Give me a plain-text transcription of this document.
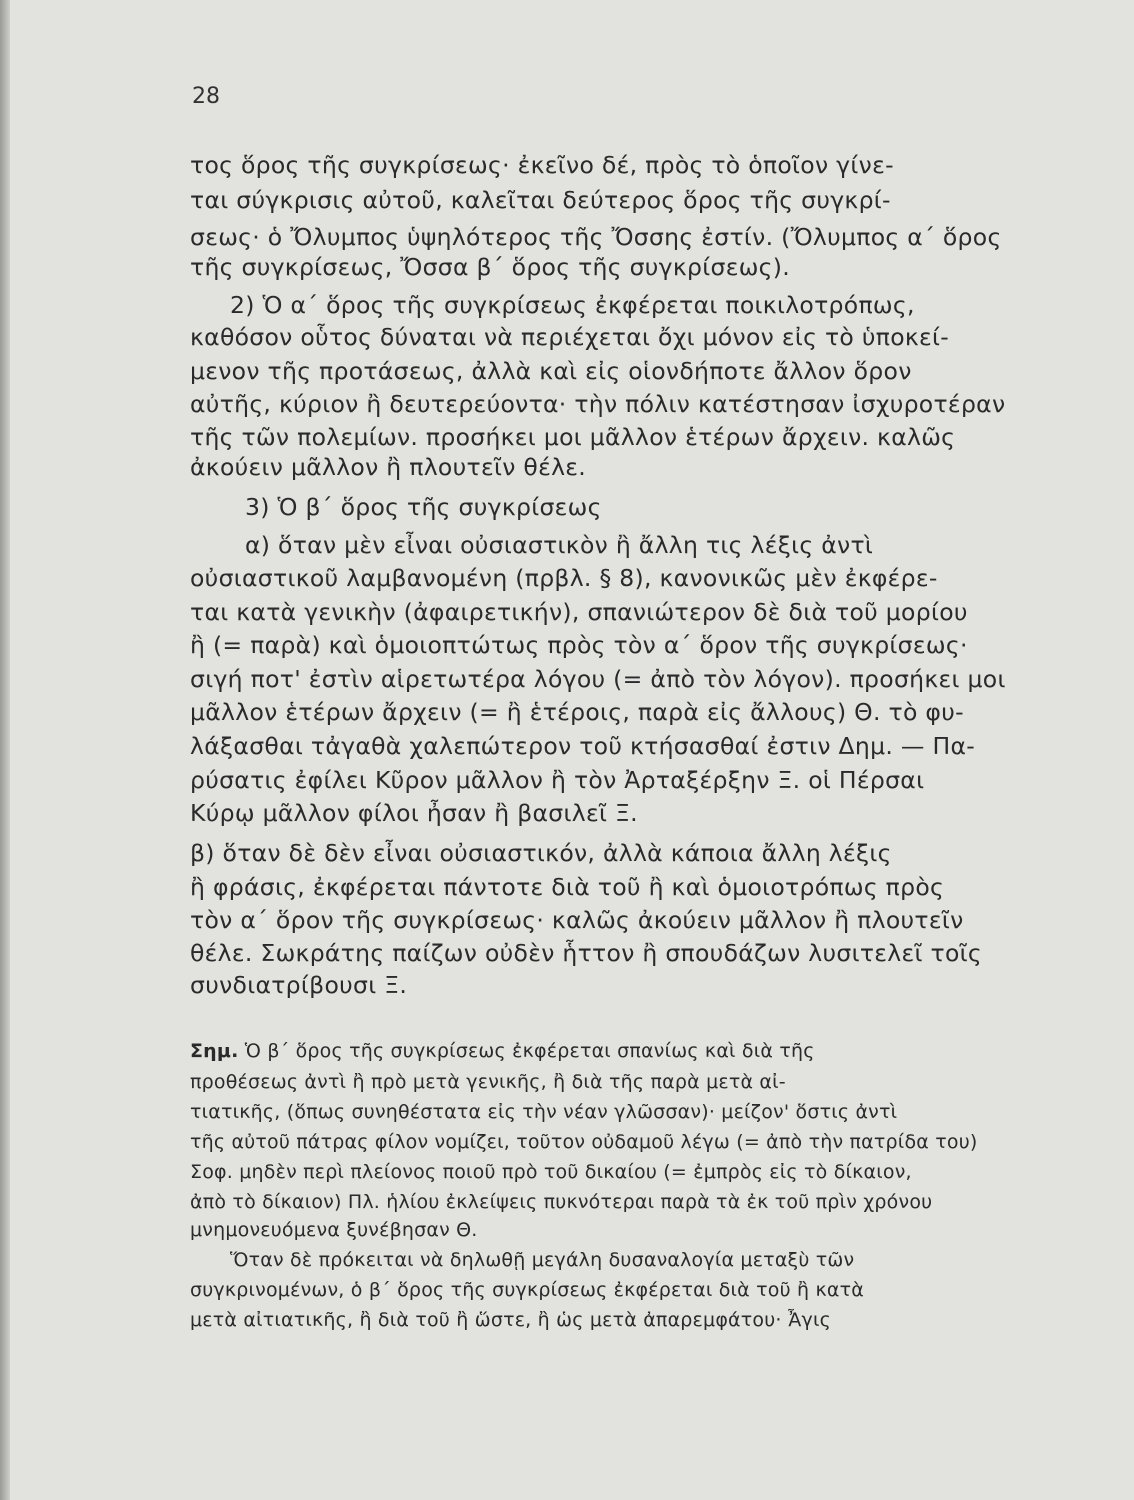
28
τος ὅρος τῆς συγκρίσεως· ἐκεῖνο δέ, πρὸς τὸ ὁποῖον γίνε-
ται σύγκρισις αὐτοῦ, καλεῖται δεύτερος ὅρος τῆς συγκρί-
σεως· ὁ Ὄλυμπος ὑψηλότερος τῆς Ὄσσης ἐστίν. (Ὄλυμπος α΄ ὅρος
τῆς συγκρίσεως, Ὄσσα β΄ ὅρος τῆς συγκρίσεως).
2) Ὁ α΄ ὅρος τῆς συγκρίσεως ἐκφέρεται ποικιλοτρόπως,
καθόσον οὗτος δύναται νὰ περιέχεται ὄχι μόνον εἰς τὸ ὑποκεί-
μενον τῆς προτάσεως, ἀλλὰ καὶ εἰς οἱονδήποτε ἄλλον ὅρον
αὐτῆς, κύριον ἢ δευτερεύοντα· τὴν πόλιν κατέστησαν ἰσχυροτέραν
τῆς τῶν πολεμίων. προσήκει μοι μᾶλλον ἑτέρων ἄρχειν. καλῶς
ἀκούειν μᾶλλον ἢ πλουτεῖν θέλε.
3) Ὁ β΄ ὅρος τῆς συγκρίσεως
α) ὅταν μὲν εἶναι οὐσιαστικὸν ἢ ἄλλη τις λέξις ἀντὶ
οὐσιαστικοῦ λαμβανομένη (πρβλ. § 8), κανονικῶς μὲν ἐκφέρε-
ται κατὰ γενικὴν (ἀφαιρετικήν), σπανιώτερον δὲ διὰ τοῦ μορίου
ἢ (= παρὰ) καὶ ὁμοιοπτώτως πρὸς τὸν α΄ ὅρον τῆς συγκρίσεως·
σιγή ποτ' ἐστὶν αἱρετωτέρα λόγου (= ἀπὸ τὸν λόγον). προσήκει μοι
μᾶλλον ἑτέρων ἄρχειν (= ἢ ἑτέροις, παρὰ εἰς ἄλλους) Θ. τὸ φυ-
λάξασθαι τἀγαθὰ χαλεπώτερον τοῦ κτήσασθαί ἐστιν Δημ. — Πα-
ρύσατις ἐφίλει Κῦρον μᾶλλον ἢ τὸν Ἀρταξέρξην Ξ. οἱ Πέρσαι
Κύρῳ μᾶλλον φίλοι ἦσαν ἢ βασιλεῖ Ξ.
β) ὅταν δὲ δὲν εἶναι οὐσιαστικόν, ἀλλὰ κάποια ἄλλη λέξις
ἢ φράσις, ἐκφέρεται πάντοτε διὰ τοῦ ἢ καὶ ὁμοιοτρόπως πρὸς
τὸν α΄ ὅρον τῆς συγκρίσεως· καλῶς ἀκούειν μᾶλλον ἢ πλουτεῖν
θέλε. Σωκράτης παίζων οὐδὲν ἧττον ἢ σπουδάζων λυσιτελεῖ τοῖς
συνδιατρίβουσι Ξ.
Σημ. Ὁ β΄ ὅρος τῆς συγκρίσεως ἐκφέρεται σπανίως καὶ διὰ τῆς
προθέσεως ἀντὶ ἢ πρὸ μετὰ γενικῆς, ἢ διὰ τῆς παρὰ μετὰ αἰ-
τιατικῆς, (ὅπως συνηθέστατα εἰς τὴν νέαν γλῶσσαν)· μείζον' ὅστις ἀντὶ
τῆς αὐτοῦ πάτρας φίλον νομίζει, τοῦτον οὐδαμοῦ λέγω (= ἀπὸ τὴν πατρίδα του)
Σοφ. μηδὲν περὶ πλείονος ποιοῦ πρὸ τοῦ δικαίου (= ἐμπρὸς εἰς τὸ δίκαιον,
ἀπὸ τὸ δίκαιον) Πλ. ἡλίου ἐκλείψεις πυκνότεραι παρὰ τὰ ἐκ τοῦ πρὶν χρόνου
μνημονευόμενα ξυνέβησαν Θ.
Ὅταν δὲ πρόκειται νὰ δηλωθῇ μεγάλη δυσαναλογία μεταξὺ τῶν
συγκρινομένων, ὁ β΄ ὅρος τῆς συγκρίσεως ἐκφέρεται διὰ τοῦ ἢ κατὰ
μετὰ αἰτιατικῆς, ἢ διὰ τοῦ ἢ ὥστε, ἢ ὡς μετὰ ἀπαρεμφάτου· Ἆγις
